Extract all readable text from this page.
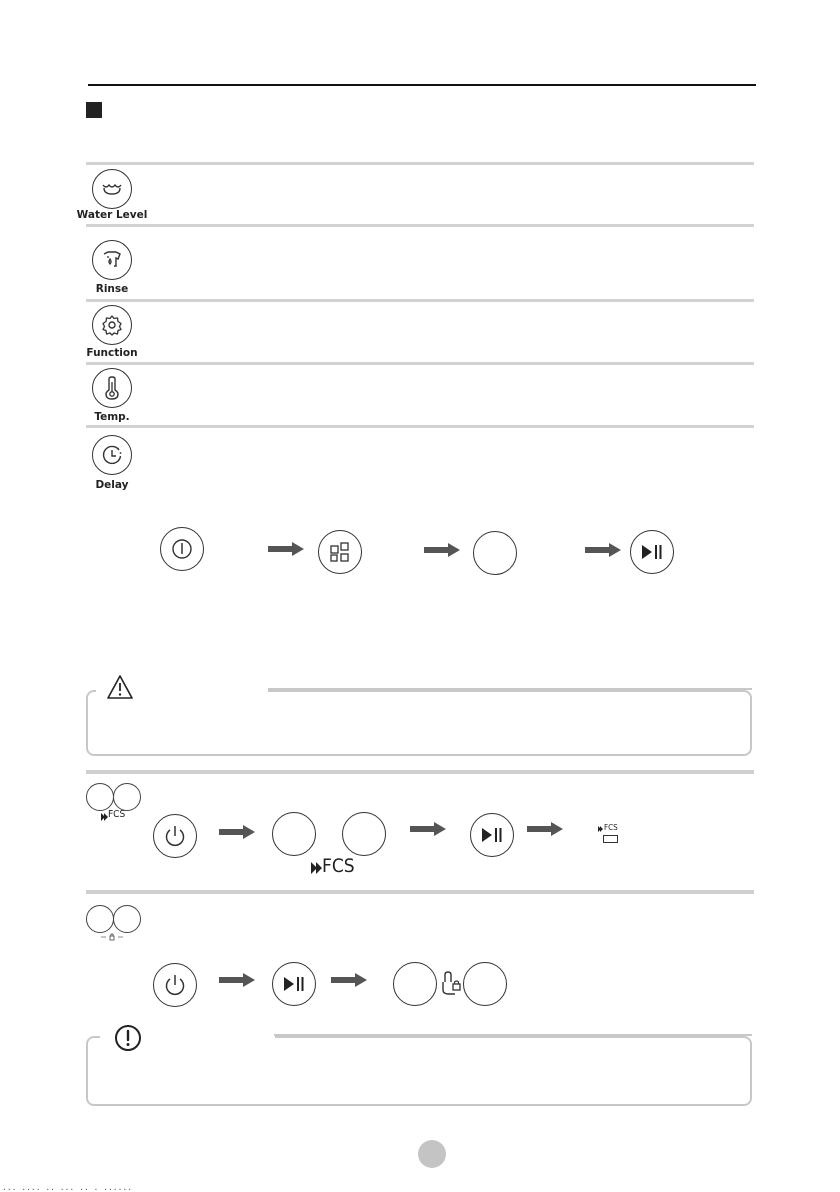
Water Level
Rinse
Function
Temp.
Delay
FCS
FCS
FCS
... .... .. ... .. . ......
